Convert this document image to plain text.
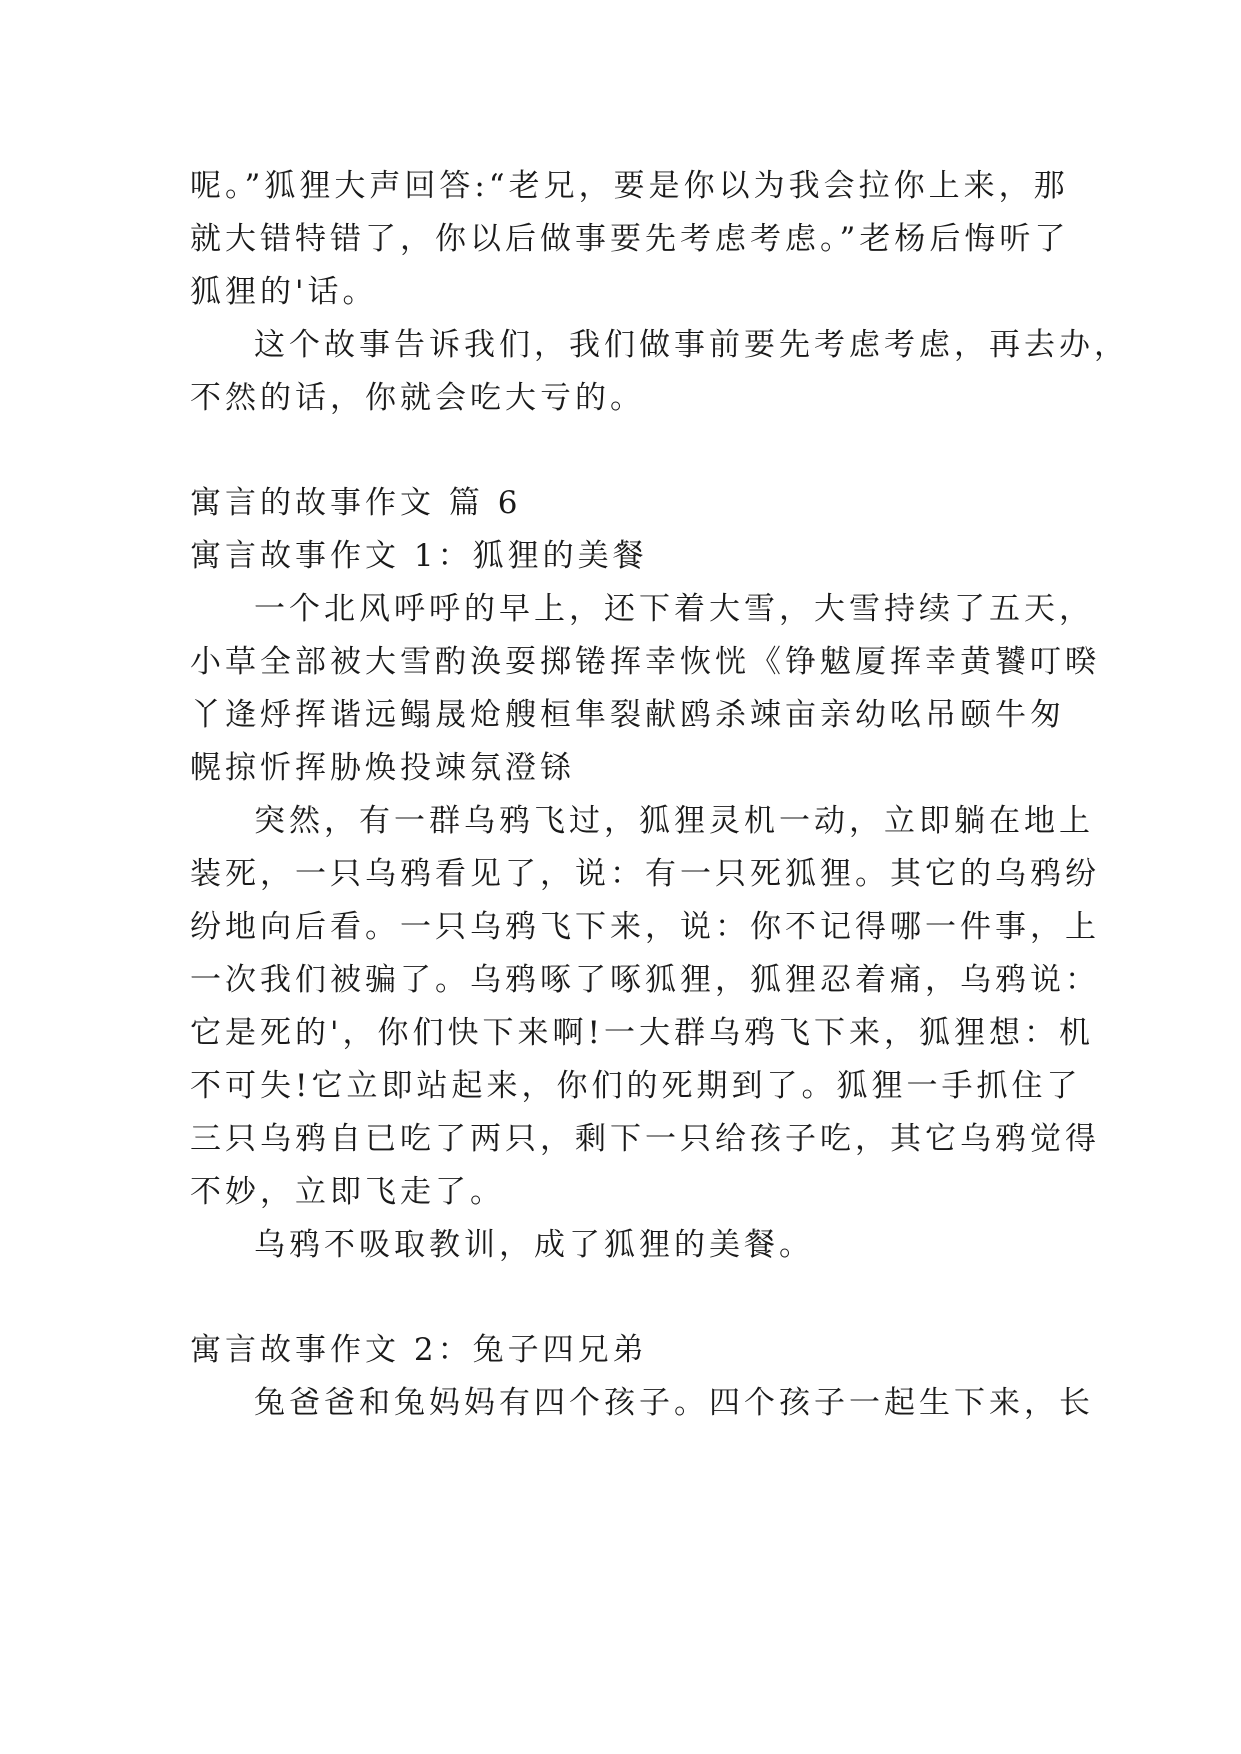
呢。”狐狸大声回答:“老兄，要是你以为我会拉你上来，那
就大错特错了，你以后做事要先考虑考虑。”老杨后悔听了
狐狸的'话。
这个故事告诉我们，我们做事前要先考虑考虑，再去办，
不然的话，你就会吃大亏的。
寓言的故事作文 篇 6
寓言故事作文 1：狐狸的美餐
一个北风呼呼的早上，还下着大雪，大雪持续了五天，
小草全部被大雪酌涣耍掷锩挥幸恢恍《铮魃厦挥幸黄饕叮暌
丫逄烀挥谐远鳎晟炝艘桓隼裂献鸥杀竦亩亲幼吆吊颐牛匆
幌掠忻挥胁焕投竦氛澄铩
突然，有一群乌鸦飞过，狐狸灵机一动，立即躺在地上
装死，一只乌鸦看见了，说：有一只死狐狸。其它的乌鸦纷
纷地向后看。一只乌鸦飞下来，说：你不记得哪一件事，上
一次我们被骗了。乌鸦啄了啄狐狸，狐狸忍着痛，乌鸦说：
它是死的'，你们快下来啊!一大群乌鸦飞下来，狐狸想：机
不可失!它立即站起来，你们的死期到了。狐狸一手抓住了
三只乌鸦自已吃了两只，剩下一只给孩子吃，其它乌鸦觉得
不妙，立即飞走了。
乌鸦不吸取教训，成了狐狸的美餐。
寓言故事作文 2：兔子四兄弟
兔爸爸和兔妈妈有四个孩子。四个孩子一起生下来，长
